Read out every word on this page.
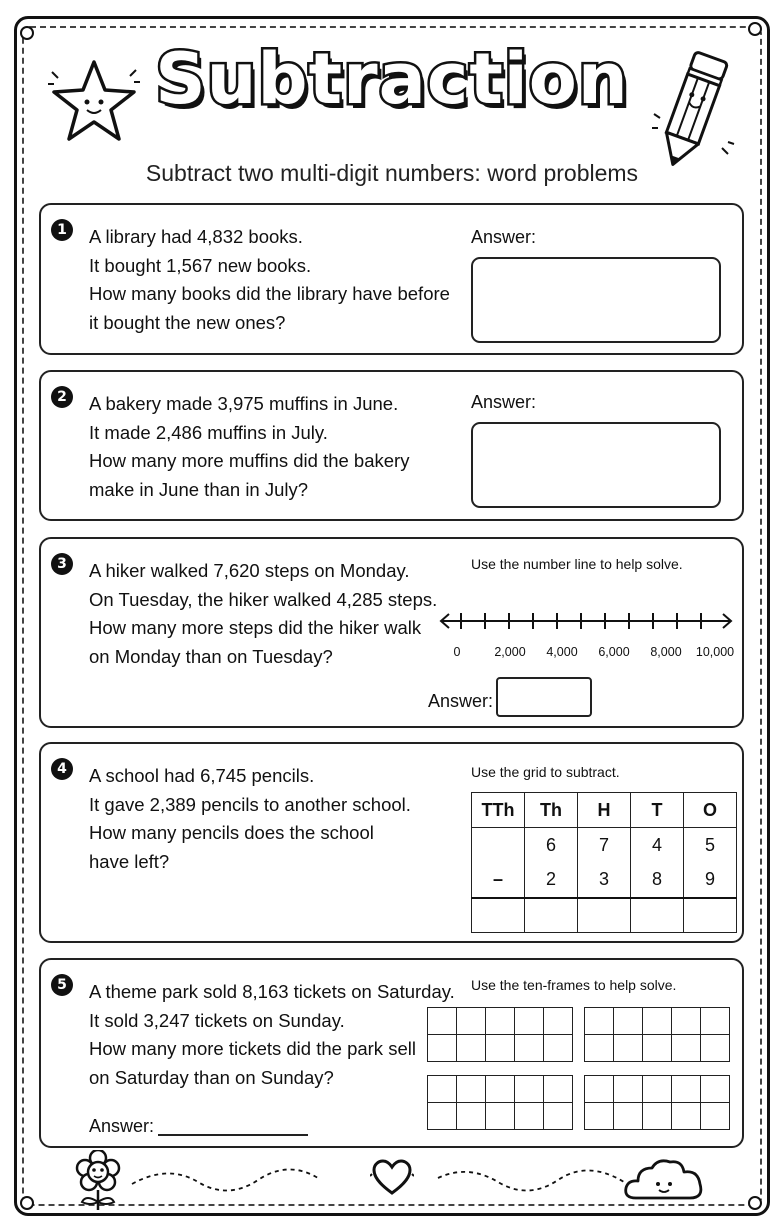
Subtraction
Subtract two multi-digit numbers: word problems
1	A library had 4,832 books.
It bought 1,567 new books.
How many books did the library have before
it bought the new ones?
Answer:
2	A bakery made 3,975 muffins in June.
It made 2,486 muffins in July.
How many more muffins did the bakery
make in June than in July?
Answer:
3	A hiker walked 7,620 steps on Monday.
On Tuesday, the hiker walked 4,285 steps.
How many more steps did the hiker walk
on Monday than on Tuesday?
Use the number line to help solve.
0	2,000 4,000 6,000 8,000 10,000
Answer:
4	A school had 6,745 pencils.
It gave 2,389 pencils to another school.
How many pencils does the school
have left?
Use the grid to subtract.
TTh	Th	H	T	O
	6	7	4	5
–	2	3	8	9

5	A theme park sold 8,163 tickets on Saturday.
It sold 3,247 tickets on Sunday.
How many more tickets did the park sell
on Saturday than on Sunday?
Use the ten-frames to help solve.

Answer:
